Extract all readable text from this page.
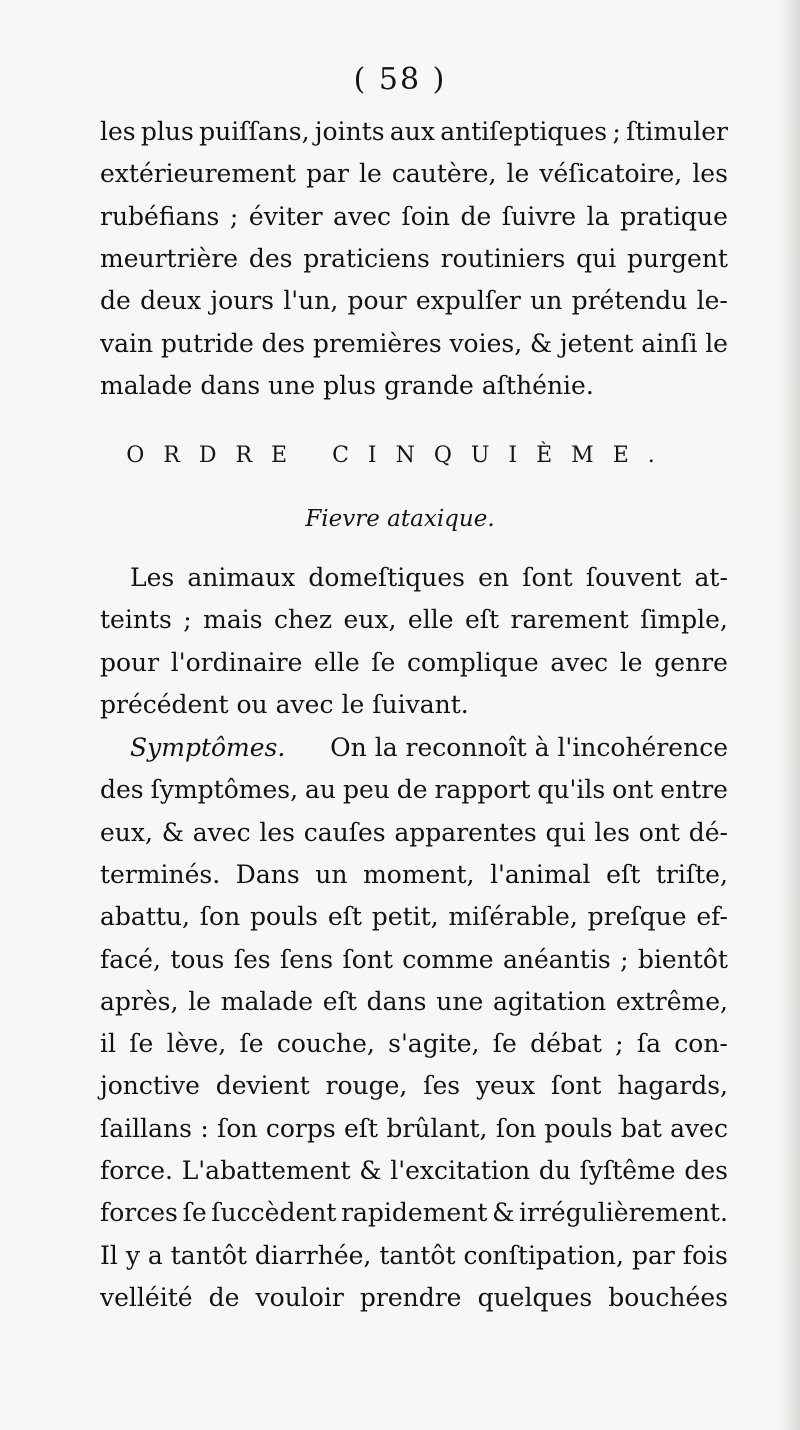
( 58 )
les plus puiſſans, joints aux antiſeptiques ; ſtimuler
extérieurement par le cautère, le véſicatoire, les
rubéfians ; éviter avec ſoin de ſuivre la pratique
meurtrière des praticiens routiniers qui purgent
de deux jours l'un, pour expulſer un prétendu le-
vain putride des premières voies, & jetent ainſi le
malade dans une plus grande aſthénie.
ORDRE CINQUIÈME.
Fievre ataxique.
Les animaux domeſtiques en ſont ſouvent at-
teints ; mais chez eux, elle eſt rarement ſimple,
pour l'ordinaire elle ſe complique avec le genre
précédent ou avec le ſuivant.
Symptômes. On la reconnoît à l'incohérence
des ſymptômes, au peu de rapport qu'ils ont entre
eux, & avec les cauſes apparentes qui les ont dé-
terminés. Dans un moment, l'animal eſt triſte,
abattu, ſon pouls eſt petit, miſérable, preſque ef-
facé, tous ſes ſens ſont comme anéantis ; bientôt
après, le malade eſt dans une agitation extrême,
il ſe lève, ſe couche, s'agite, ſe débat ; ſa con-
jonctive devient rouge, ſes yeux ſont hagards,
ſaillans : ſon corps eſt brûlant, ſon pouls bat avec
force. L'abattement & l'excitation du ſyſtême des
forces ſe ſuccèdent rapidement & irrégulièrement.
Il y a tantôt diarrhée, tantôt conſtipation, par fois
velléité de vouloir prendre quelques bouchées
